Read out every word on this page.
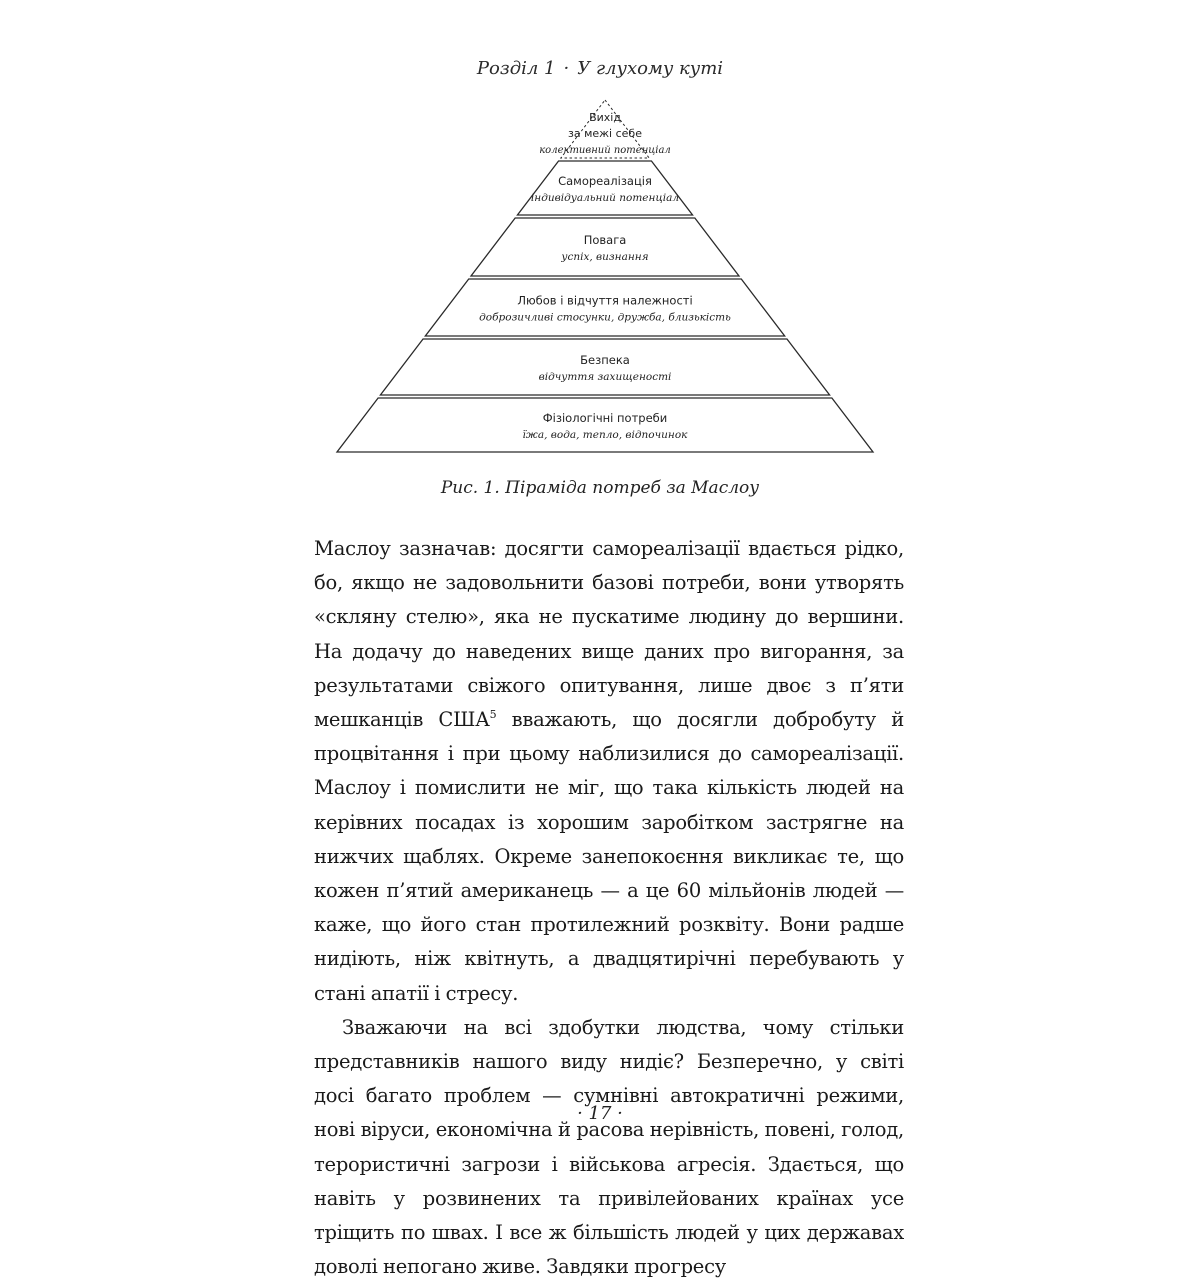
Розділ 1 · У глухому куті
Вихід
за межі себе
колективний потенціал
Самореалізація
індивідуальний потенціал
Повага
успіх, визнання
Любов і відчуття належності
доброзичливі стосунки, дружба, близькість
Безпека
відчуття захищеності
Фізіологічні потреби
їжа, вода, тепло, відпочинок
Рис. 1. Піраміда потреб за Маслоу

Маслоу зазначав: досягти самореалізації вдається рідко, бо, якщо не задовольнити базові потреби, вони утворять «скляну стелю», яка не пускатиме людину до вершини. На додачу до наведених вище даних про вигорання, за результатами свіжого опитування, лише двоє з п’яти мешканців США$^5$ вважають, що досягли добробуту й процвітання і при цьому наблизилися до самореалізації. Маслоу і помислити не міг, що така кількість людей на керівних посадах із хорошим заробітком застрягне на нижчих щаблях. Окреме занепокоєння викликає те, що кожен п’ятий американець — а це 60 мільйонів людей — каже, що його стан протилежний розквіту. Вони радше нидіють, ніж квітнуть, а двадцятирічні перебувають у стані апатії і стресу.

Зважаючи на всі здобутки людства, чому стільки представників нашого виду нидіє? Безперечно, у світі досі багато проблем — сумнівні автократичні режими, нові віруси, економічна й расова нерівність, повені, голод, терористичні загрози і військова агресія. Здається, що навіть у розвинених та привілейованих країнах усе тріщить по швах. І все ж більшість людей у цих державах доволі непогано живе. Завдяки прогресу

· 17 ·
